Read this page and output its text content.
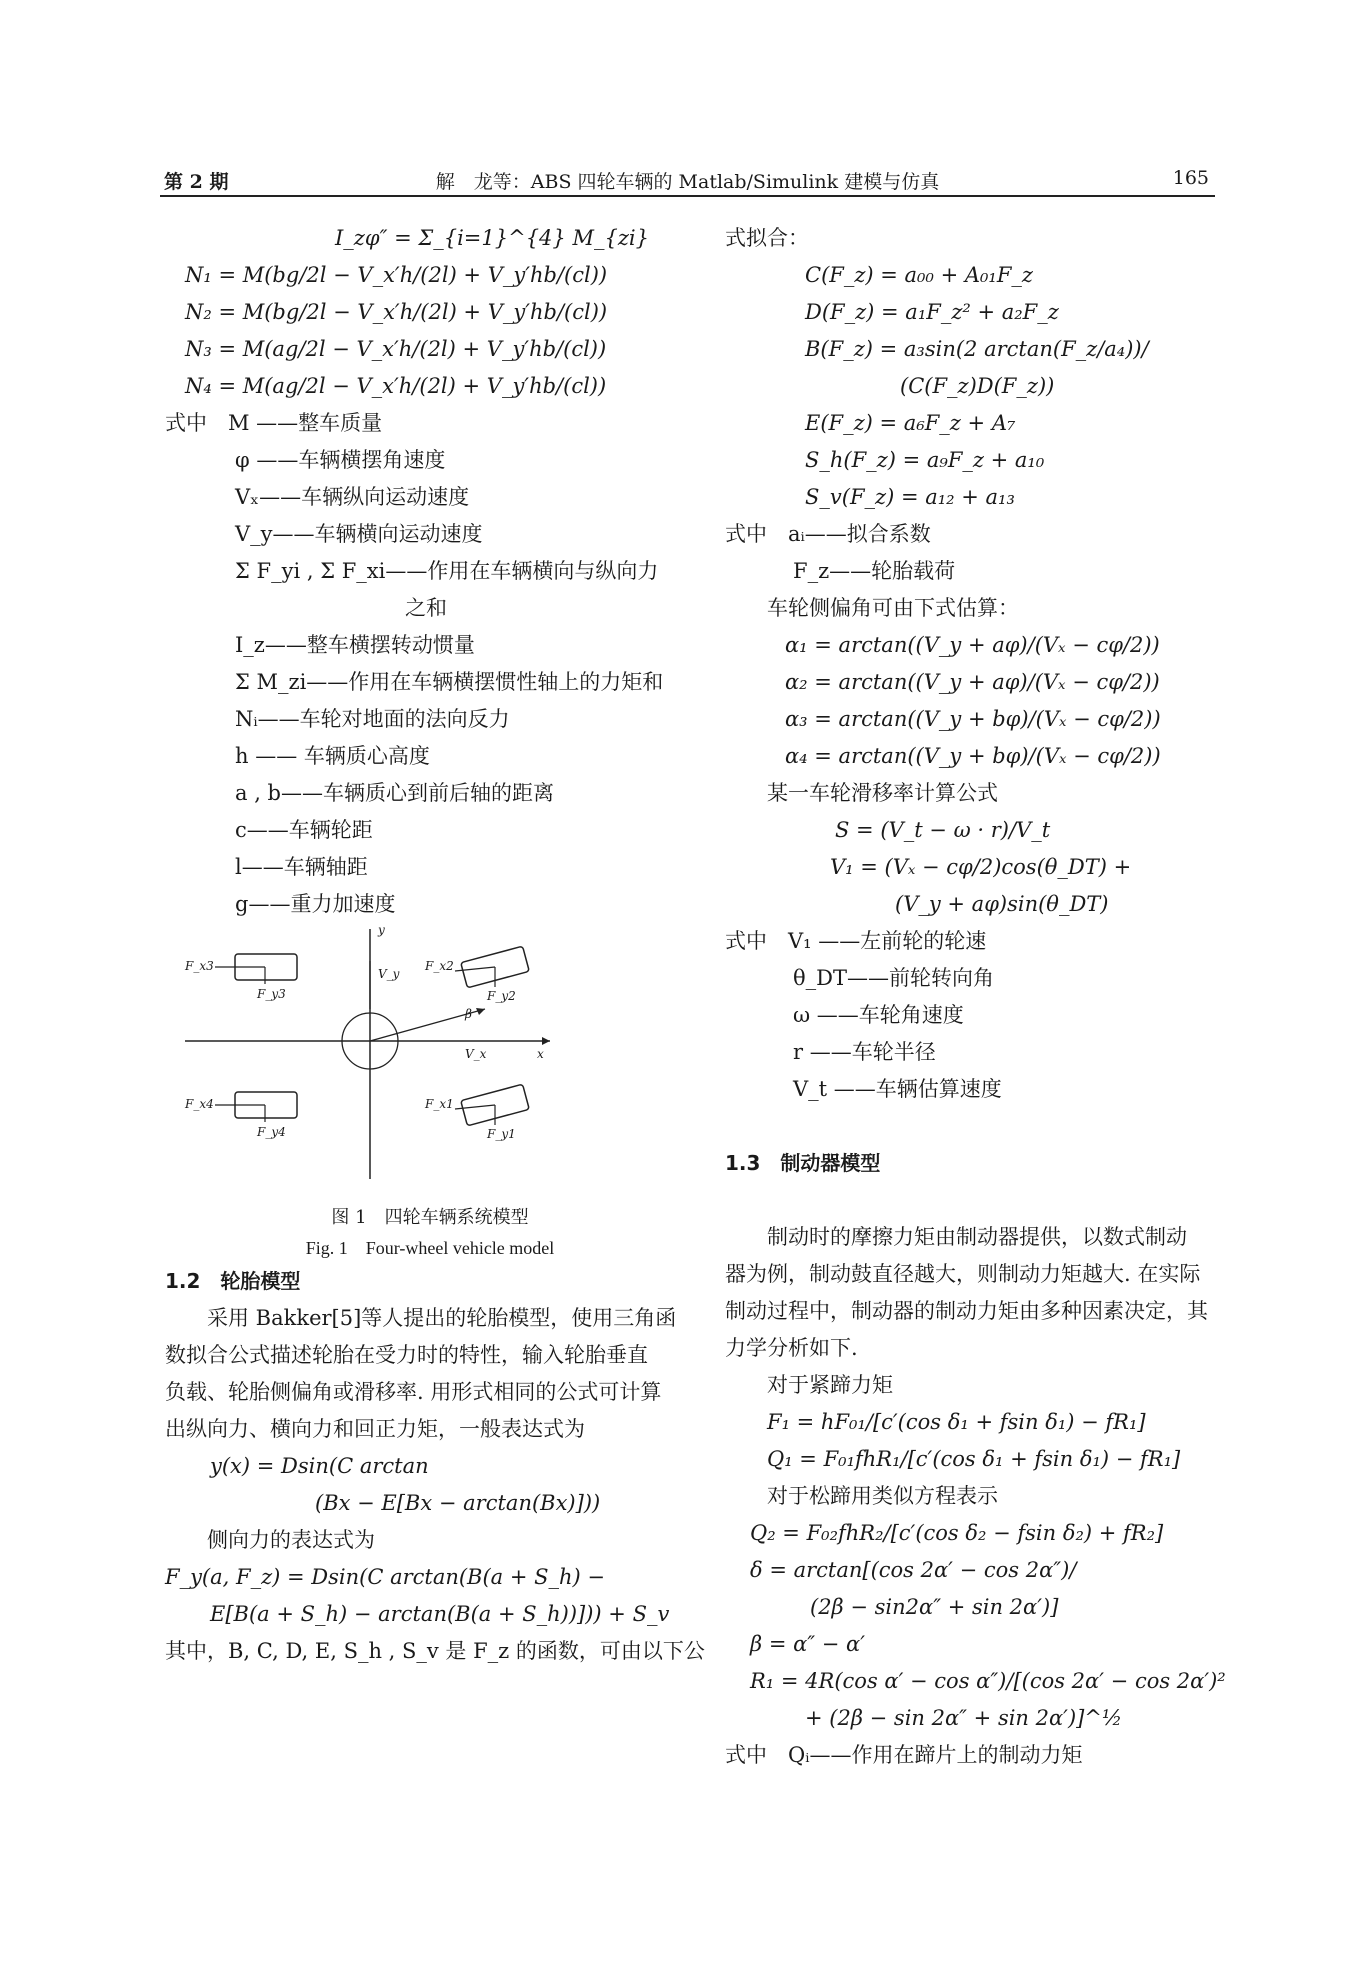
第 2 期	解　龙等：ABS 四轮车辆的 Matlab/Simulink 建模与仿真	165
I_zφ″ = Σ_{i=1}^{4} M_{zi}
N₁ = M(bg/2l − V_x′h/(2l) + V_y′hb/(cl))
N₂ = M(bg/2l − V_x′h/(2l) + V_y′hb/(cl))
N₃ = M(ag/2l − V_x′h/(2l) + V_y′hb/(cl))
N₄ = M(ag/2l − V_x′h/(2l) + V_y′hb/(cl))
式中　M ——整车质量
φ ——车辆横摆角速度
Vₓ——车辆纵向运动速度
V_y——车辆横向运动速度
Σ F_yi , Σ F_xi——作用在车辆横向与纵向力
之和
I_z——整车横摆转动惯量
Σ M_zi——作用在车辆横摆惯性轴上的力矩和
Nᵢ——车轮对地面的法向反力
h —— 车辆质心高度
a , b——车辆质心到前后轴的距离
c——车辆轮距
l——车辆轴距
g——重力加速度
y
x
V_y
V_x
β
F_x3
F_y3
F_x2
F_y2
F_x4
F_y4
F_x1
F_y1
图 1　四轮车辆系统模型
Fig. 1　Four-wheel vehicle model
1.2　轮胎模型
采用 Bakker[5]等人提出的轮胎模型，使用三角函
数拟合公式描述轮胎在受力时的特性，输入轮胎垂直
负载、轮胎侧偏角或滑移率. 用形式相同的公式可计算
出纵向力、横向力和回正力矩，一般表达式为
y(x) = Dsin(C arctan
(Bx − E[Bx − arctan(Bx)]))
侧向力的表达式为
F_y(a, F_z) = Dsin(C arctan(B(a + S_h) −
E[B(a + S_h) − arctan(B(a + S_h))])) + S_v
其中，B, C, D, E, S_h , S_v 是 F_z 的函数，可由以下公
式拟合：
C(F_z) = a₀₀ + A₀₁F_z
D(F_z) = a₁F_z² + a₂F_z
B(F_z) = a₃sin(2 arctan(F_z/a₄))/
(C(F_z)D(F_z))
E(F_z) = a₆F_z + A₇
S_h(F_z) = a₉F_z + a₁₀
S_v(F_z) = a₁₂ + a₁₃
式中　aᵢ——拟合系数
F_z——轮胎载荷
车轮侧偏角可由下式估算：
α₁ = arctan((V_y + aφ)/(Vₓ − cφ/2))
α₂ = arctan((V_y + aφ)/(Vₓ − cφ/2))
α₃ = arctan((V_y + bφ)/(Vₓ − cφ/2))
α₄ = arctan((V_y + bφ)/(Vₓ − cφ/2))
某一车轮滑移率计算公式
S = (V_t − ω · r)/V_t
V₁ = (Vₓ − cφ/2)cos(θ_DT) +
(V_y + aφ)sin(θ_DT)
式中　V₁ ——左前轮的轮速
θ_DT——前轮转向角
ω ——车轮角速度
r ——车轮半径
V_t ——车辆估算速度
1.3　制动器模型
制动时的摩擦力矩由制动器提供，以数式制动
器为例，制动鼓直径越大，则制动力矩越大. 在实际
制动过程中，制动器的制动力矩由多种因素决定，其
力学分析如下.
对于紧蹄力矩
F₁ = hF₀₁/[c′(cos δ₁ + fsin δ₁) − fR₁]
Q₁ = F₀₁fhR₁/[c′(cos δ₁ + fsin δ₁) − fR₁]
对于松蹄用类似方程表示
Q₂ = F₀₂fhR₂/[c′(cos δ₂ − fsin δ₂) + fR₂]
δ = arctan[(cos 2α′ − cos 2α″)/
(2β − sin2α″ + sin 2α′)]
β = α″ − α′
R₁ = 4R(cos α′ − cos α″)/[(cos 2α′ − cos 2α′)²
+ (2β − sin 2α″ + sin 2α′)]^½
式中　Qᵢ——作用在蹄片上的制动力矩
